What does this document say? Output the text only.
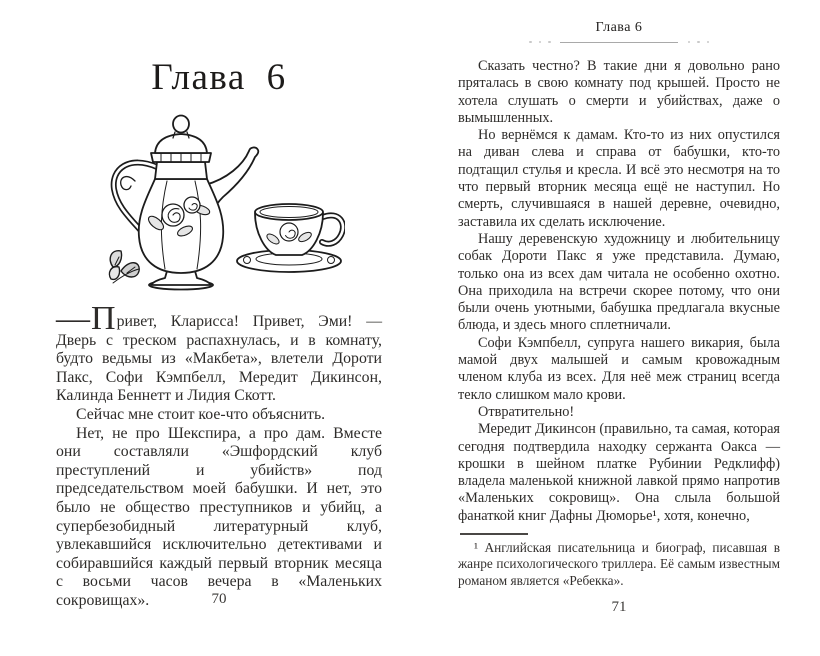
Глава 6

—Привет, Кларисса! Привет, Эми! — Дверь с треском распахнулась, и в комнату, будто ведьмы из «Макбета», влетели Дороти Пакс, Софи Кэмпбелл, Мередит Дикинсон, Калинда Беннетт и Лидия Скотт.

Сейчас мне стоит кое-что объяснить.

Нет, не про Шекспира, а про дам. Вместе они составляли «Эшфордский клуб преступлений и убийств» под председательством моей бабушки. И нет, это было не общество преступников и убийц, а супербезобидный литературный клуб, увлекавшийся исключительно детективами и собиравшийся каждый первый вторник месяца с восьми часов вечера в «Маленьких сокровищах».	70
Глава 6

Сказать честно? В такие дни я довольно рано пряталась в свою комнату под крышей. Просто не хотела слушать о смерти и убийствах, даже о вымышленных.

Но вернёмся к дамам. Кто-то из них опустился на диван слева и справа от бабушки, кто-то подтащил стулья и кресла. И всё это несмотря на то что первый вторник месяца ещё не наступил. Но смерть, случившаяся в нашей деревне, очевидно, заставила их сделать исключение.

Нашу деревенскую художницу и любительницу собак Дороти Пакс я уже представила. Думаю, только она из всех дам читала не особенно охотно. Она приходила на встречи скорее потому, что они были очень уютными, бабушка предлагала вкусные блюда, и здесь много сплетничали.

Софи Кэмпбелл, супруга нашего викария, была мамой двух малышей и самым кровожадным членом клуба из всех. Для неё меж страниц всегда текло слишком мало крови.

Отвратительно!

Мередит Дикинсон (правильно, та самая, которая сегодня подтвердила находку сержанта Оакса — крошки в шейном платке Рубинии Редклифф) владела маленькой книжной лавкой прямо напротив «Маленьких сокровищ». Она слыла большой фанаткой книг Дафны Дюморье¹, хотя, конечно,

¹ Английская писательница и биограф, писавшая в жанре психологического триллера. Её самым известным романом является «Ребекка».

71
